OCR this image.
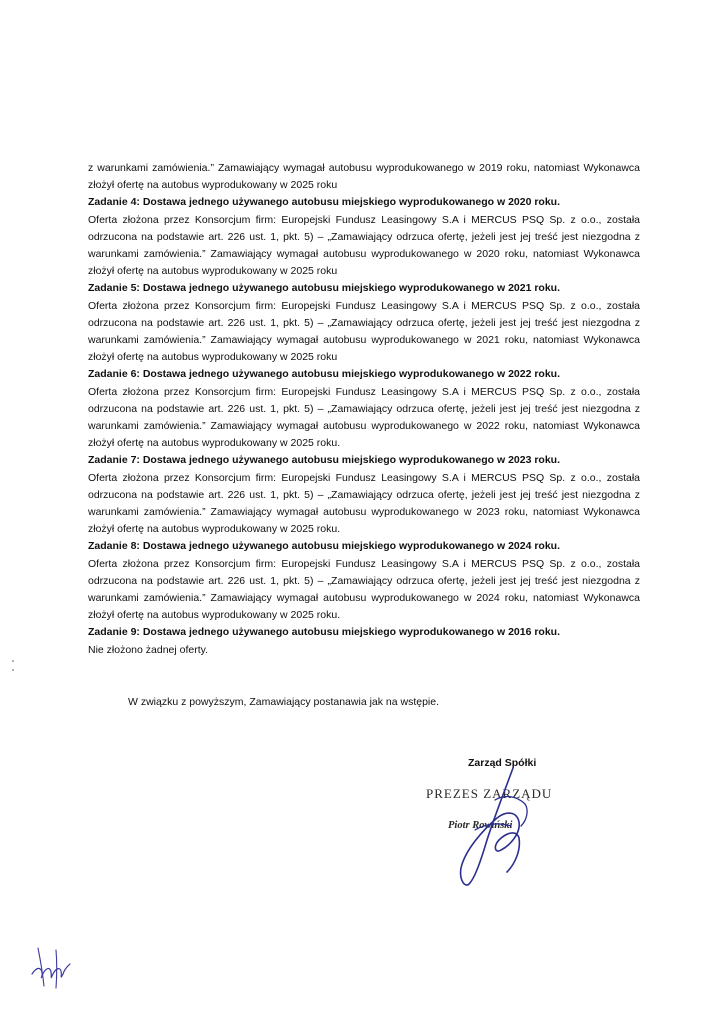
z warunkami zamówienia.” Zamawiający wymagał autobusu wyprodukowanego w 2019 roku, natomiast Wykonawca złożył ofertę na autobus wyprodukowany w 2025 roku

Zadanie 4: Dostawa jednego używanego autobusu miejskiego wyprodukowanego w 2020 roku.

Oferta złożona przez Konsorcjum firm: Europejski Fundusz Leasingowy S.A i MERCUS PSQ Sp. z o.o., została odrzucona na podstawie art. 226 ust. 1, pkt. 5) – „Zamawiający odrzuca ofertę, jeżeli jest jej treść jest niezgodna z warunkami zamówienia.” Zamawiający wymagał autobusu wyprodukowanego w 2020 roku, natomiast Wykonawca złożył ofertę na autobus wyprodukowany w 2025 roku

Zadanie 5: Dostawa jednego używanego autobusu miejskiego wyprodukowanego w 2021 roku.

Oferta złożona przez Konsorcjum firm: Europejski Fundusz Leasingowy S.A i MERCUS PSQ Sp. z o.o., została odrzucona na podstawie art. 226 ust. 1, pkt. 5) – „Zamawiający odrzuca ofertę, jeżeli jest jej treść jest niezgodna z warunkami zamówienia.” Zamawiający wymagał autobusu wyprodukowanego w 2021 roku, natomiast Wykonawca złożył ofertę na autobus wyprodukowany w 2025 roku

Zadanie 6: Dostawa jednego używanego autobusu miejskiego wyprodukowanego w 2022 roku.

Oferta złożona przez Konsorcjum firm: Europejski Fundusz Leasingowy S.A i MERCUS PSQ Sp. z o.o., została odrzucona na podstawie art. 226 ust. 1, pkt. 5) – „Zamawiający odrzuca ofertę, jeżeli jest jej treść jest niezgodna z warunkami zamówienia.” Zamawiający wymagał autobusu wyprodukowanego w 2022 roku, natomiast Wykonawca złożył ofertę na autobus wyprodukowany w 2025 roku.

Zadanie 7: Dostawa jednego używanego autobusu miejskiego wyprodukowanego w 2023 roku.

Oferta złożona przez Konsorcjum firm: Europejski Fundusz Leasingowy S.A i MERCUS PSQ Sp. z o.o., została odrzucona na podstawie art. 226 ust. 1, pkt. 5) – „Zamawiający odrzuca ofertę, jeżeli jest jej treść jest niezgodna z warunkami zamówienia.” Zamawiający wymagał autobusu wyprodukowanego w 2023 roku, natomiast Wykonawca złożył ofertę na autobus wyprodukowany w 2025 roku.

Zadanie 8: Dostawa jednego używanego autobusu miejskiego wyprodukowanego w 2024 roku.

Oferta złożona przez Konsorcjum firm: Europejski Fundusz Leasingowy S.A i MERCUS PSQ Sp. z o.o., została odrzucona na podstawie art. 226 ust. 1, pkt. 5) – „Zamawiający odrzuca ofertę, jeżeli jest jej treść jest niezgodna z warunkami zamówienia.” Zamawiający wymagał autobusu wyprodukowanego w 2024 roku, natomiast Wykonawca złożył ofertę na autobus wyprodukowany w 2025 roku.

Zadanie 9: Dostawa jednego używanego autobusu miejskiego wyprodukowanego w 2016 roku.

Nie złożono żadnej oferty.

W związku z powyższym, Zamawiający postanawia jak na wstępie.
Zarząd Spółki
PREZES ZARZĄDU
Piotr Rowiński
